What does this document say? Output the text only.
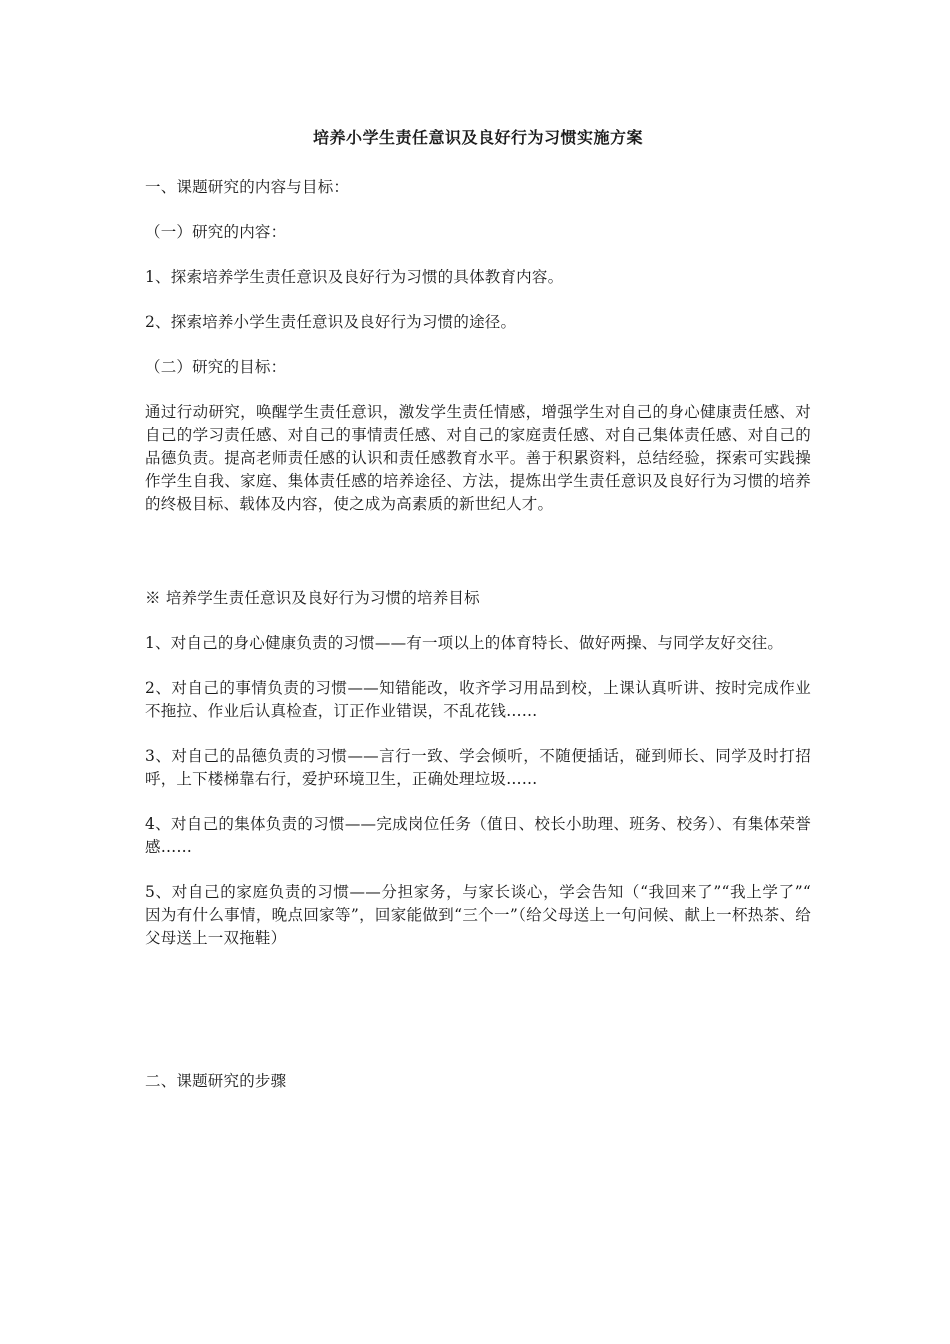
培养小学生责任意识及良好行为习惯实施方案
一、课题研究的内容与目标：
（一）研究的内容：
1、探索培养学生责任意识及良好行为习惯的具体教育内容。
2、探索培养小学生责任意识及良好行为习惯的途径。
（二）研究的目标：
通过行动研究，唤醒学生责任意识，激发学生责任情感，增强学生对自己的身心健康责任感、对自己的学习责任感、对自己的事情责任感、对自己的家庭责任感、对自己集体责任感、对自己的品德负责。提高老师责任感的认识和责任感教育水平。善于积累资料，总结经验，探索可实践操作学生自我、家庭、集体责任感的培养途径、方法，提炼出学生责任意识及良好行为习惯的培养的终极目标、载体及内容，使之成为高素质的新世纪人才。
※ 培养学生责任意识及良好行为习惯的培养目标
1、对自己的身心健康负责的习惯——有一项以上的体育特长、做好两操、与同学友好交往。
2、对自己的事情负责的习惯——知错能改，收齐学习用品到校，上课认真听讲、按时完成作业不拖拉、作业后认真检查，订正作业错误，不乱花钱……
3、对自己的品德负责的习惯——言行一致、学会倾听，不随便插话，碰到师长、同学及时打招呼，上下楼梯靠右行，爱护环境卫生，正确处理垃圾……
4、对自己的集体负责的习惯——完成岗位任务（值日、校长小助理、班务、校务）、有集体荣誉感……
5、对自己的家庭负责的习惯——分担家务，与家长谈心，学会告知（“我回来了”“我上学了”“ 因为有什么事情，晚点回家等”，回家能做到“三个一”（给父母送上一句问候、献上一杯热茶、给父母送上一双拖鞋）
二、课题研究的步骤
